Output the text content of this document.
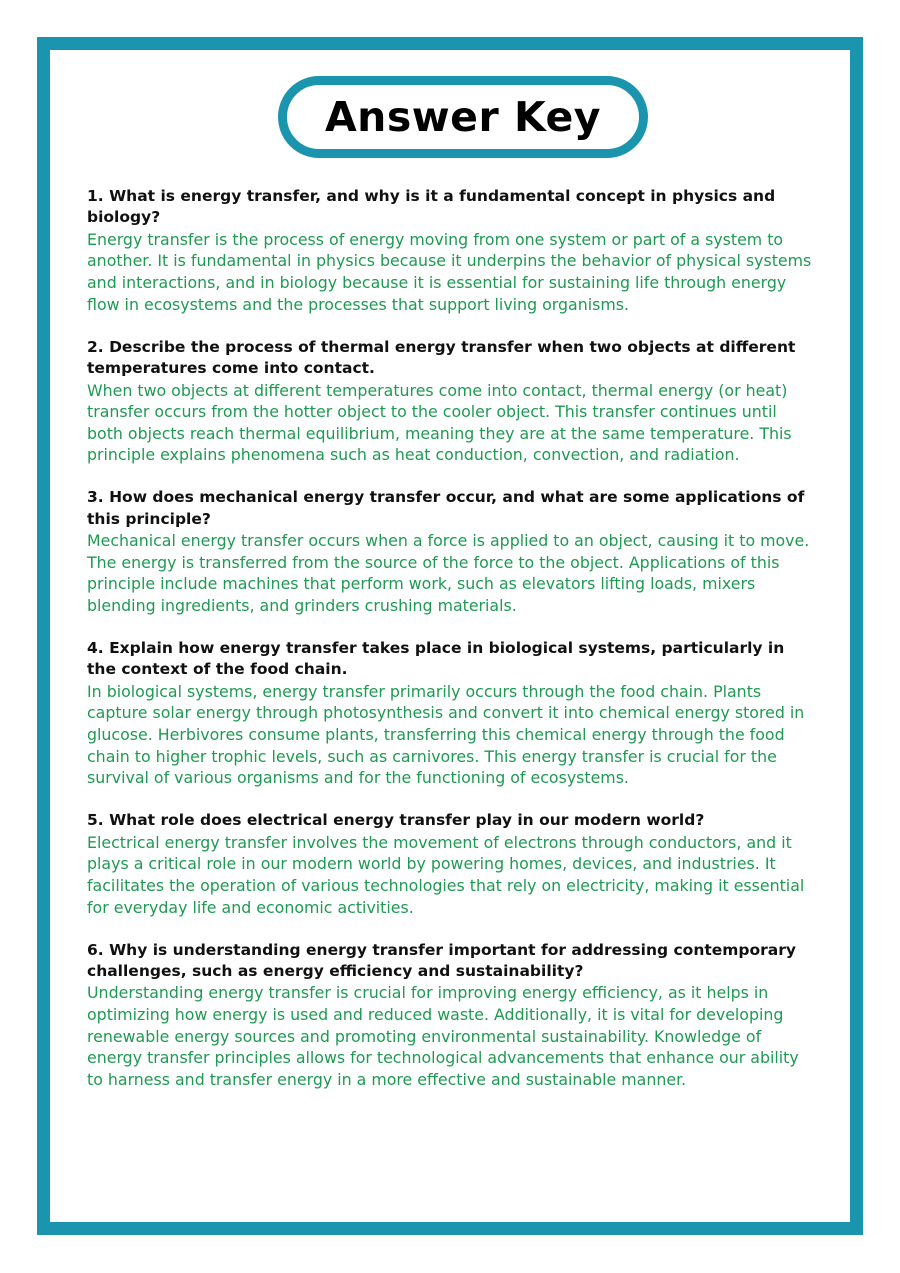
Answer Key

1. What is energy transfer, and why is it a fundamental concept in physics and biology?

Energy transfer is the process of energy moving from one system or part of a system to another. It is fundamental in physics because it underpins the behavior of physical systems and interactions, and in biology because it is essential for sustaining life through energy flow in ecosystems and the processes that support living organisms.

2. Describe the process of thermal energy transfer when two objects at different temperatures come into contact.

When two objects at different temperatures come into contact, thermal energy (or heat) transfer occurs from the hotter object to the cooler object. This transfer continues until both objects reach thermal equilibrium, meaning they are at the same temperature. This principle explains phenomena such as heat conduction, convection, and radiation.

3. How does mechanical energy transfer occur, and what are some applications of this principle?

Mechanical energy transfer occurs when a force is applied to an object, causing it to move. The energy is transferred from the source of the force to the object. Applications of this principle include machines that perform work, such as elevators lifting loads, mixers blending ingredients, and grinders crushing materials.

4. Explain how energy transfer takes place in biological systems, particularly in the context of the food chain.

In biological systems, energy transfer primarily occurs through the food chain. Plants capture solar energy through photosynthesis and convert it into chemical energy stored in glucose. Herbivores consume plants, transferring this chemical energy through the food chain to higher trophic levels, such as carnivores. This energy transfer is crucial for the survival of various organisms and for the functioning of ecosystems.

5. What role does electrical energy transfer play in our modern world?

Electrical energy transfer involves the movement of electrons through conductors, and it plays a critical role in our modern world by powering homes, devices, and industries. It facilitates the operation of various technologies that rely on electricity, making it essential for everyday life and economic activities.

6. Why is understanding energy transfer important for addressing contemporary challenges, such as energy efficiency and sustainability?

Understanding energy transfer is crucial for improving energy efficiency, as it helps in optimizing how energy is used and reduced waste. Additionally, it is vital for developing renewable energy sources and promoting environmental sustainability. Knowledge of energy transfer principles allows for technological advancements that enhance our ability to harness and transfer energy in a more effective and sustainable manner.
